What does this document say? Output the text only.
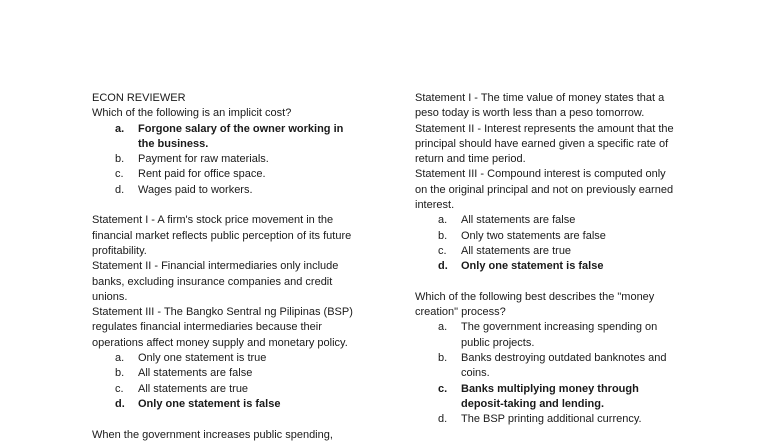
ECON REVIEWER
Which of the following is an implicit cost?
a.	Forgone salary of the owner working in
the business.
b.	Payment for raw materials.
c.	Rent paid for office space.
d.	Wages paid to workers.
Statement I - A firm's stock price movement in the
financial market reflects public perception of its future
profitability.
Statement II - Financial intermediaries only include
banks, excluding insurance companies and credit
unions.
Statement III - The Bangko Sentral ng Pilipinas (BSP)
regulates financial intermediaries because their
operations affect money supply and monetary policy.
a.	Only one statement is true
b.	All statements are false
c.	All statements are true
d.	Only one statement is false
When the government increases public spending,
Statement I - The time value of money states that a
peso today is worth less than a peso tomorrow.
Statement II - Interest represents the amount that the
principal should have earned given a specific rate of
return and time period.
Statement III - Compound interest is computed only
on the original principal and not on previously earned
interest.
a.	All statements are false
b.	Only two statements are false
c.	All statements are true
d.	Only one statement is false
Which of the following best describes the "money
creation" process?
a.	The government increasing spending on
public projects.
b.	Banks destroying outdated banknotes and
coins.
c.	Banks multiplying money through
deposit-taking and lending.
d.	The BSP printing additional currency.
